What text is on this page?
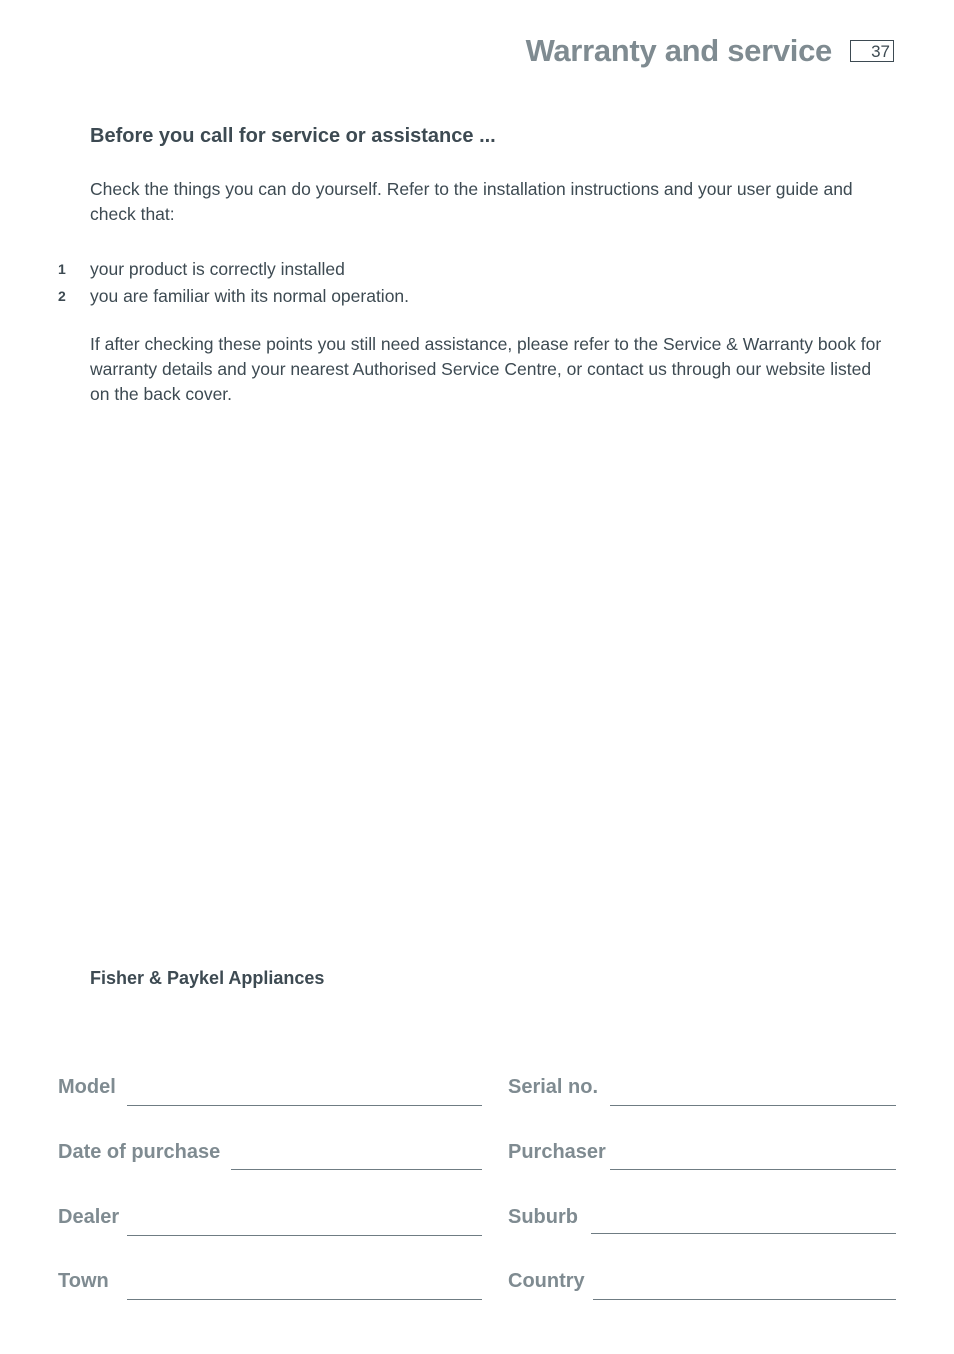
Warranty and service	37
Before you call for service or assistance ...

Check the things you can do yourself. Refer to the installation instructions and your user guide and check that:

1 your product is correctly installed
2 you are familiar with its normal operation.

If after checking these points you still need assistance, please refer to the Service & Warranty book for warranty details and your nearest Authorised Service Centre, or contact us through our website listed on the back cover.

Fisher & Paykel Appliances
Model
Date of purchase
Dealer
Town
Serial no.
Purchaser
Suburb
Country
